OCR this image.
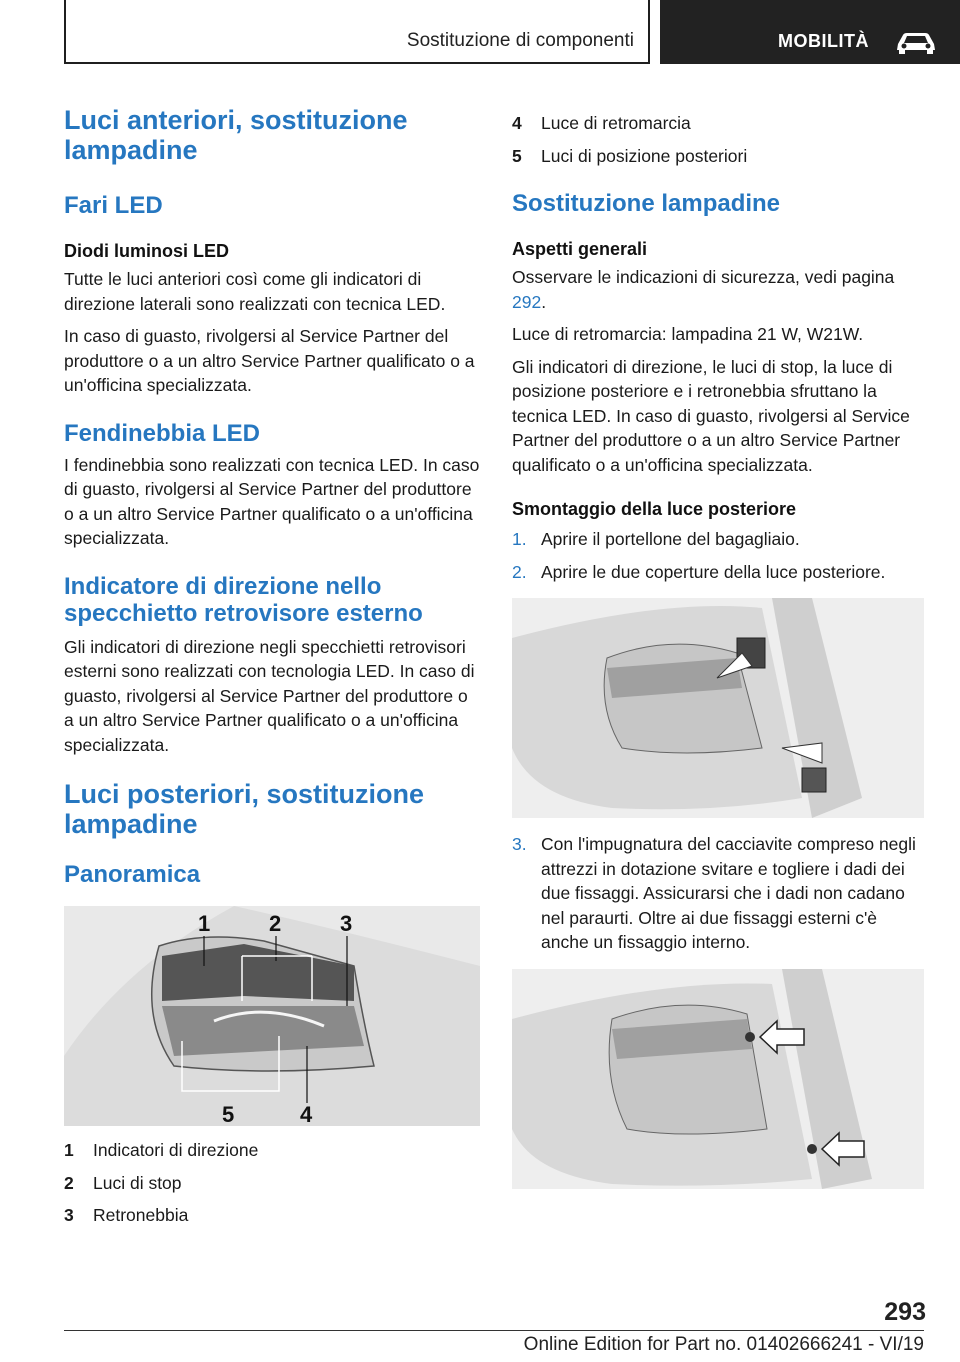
Sostituzione di componenti	MOBILITÀ
Luci anteriori, sostituzione lampadine
Fari LED
Diodi luminosi LED

Tutte le luci anteriori così come gli indicatori di direzione laterali sono realizzati con tecnica LED.

In caso di guasto, rivolgersi al Service Partner del produttore o a un altro Service Partner qualificato o a un'officina specializzata.

Fendinebbia LED

I fendinebbia sono realizzati con tecnica LED. In caso di guasto, rivolgersi al Service Partner del produttore o a un altro Service Partner qualificato o a un'officina specializzata.

Indicatore di direzione nello specchietto retrovisore esterno

Gli indicatori di direzione negli specchietti retrovisori esterni sono realizzati con tecnologia LED. In caso di guasto, rivolgersi al Service Partner del produttore o a un altro Service Partner qualificato o a un'officina specializzata.

Luci posteriori, sostituzione lampadine
Panoramica
1	2	3
4
5
1	Indicatori di direzione
2	Luci di stop
3	Retronebbia
4	Luce di retromarcia
5	Luci di posizione posteriori
Sostituzione lampadine
Aspetti generali

Osservare le indicazioni di sicurezza, vedi pagina 292.

Luce di retromarcia: lampadina 21 W, W21W.

Gli indicatori di direzione, le luci di stop, la luce di posizione posteriore e i retronebbia sfruttano la tecnica LED. In caso di guasto, rivolgersi al Service Partner del produttore o a un altro Service Partner qualificato o a un'officina specializzata.

Smontaggio della luce posteriore
1. Aprire il portellone del bagagliaio.
2. Aprire le due coperture della luce posteriore.
3. Con l'impugnatura del cacciavite compreso negli attrezzi in dotazione svitare e togliere i dadi dei due fissaggi. Assicurarsi che i dadi non cadano nel paraurti. Oltre ai due fissaggi esterni c'è anche un fissaggio interno.
293
Online Edition for Part no. 01402666241 - VI/19
